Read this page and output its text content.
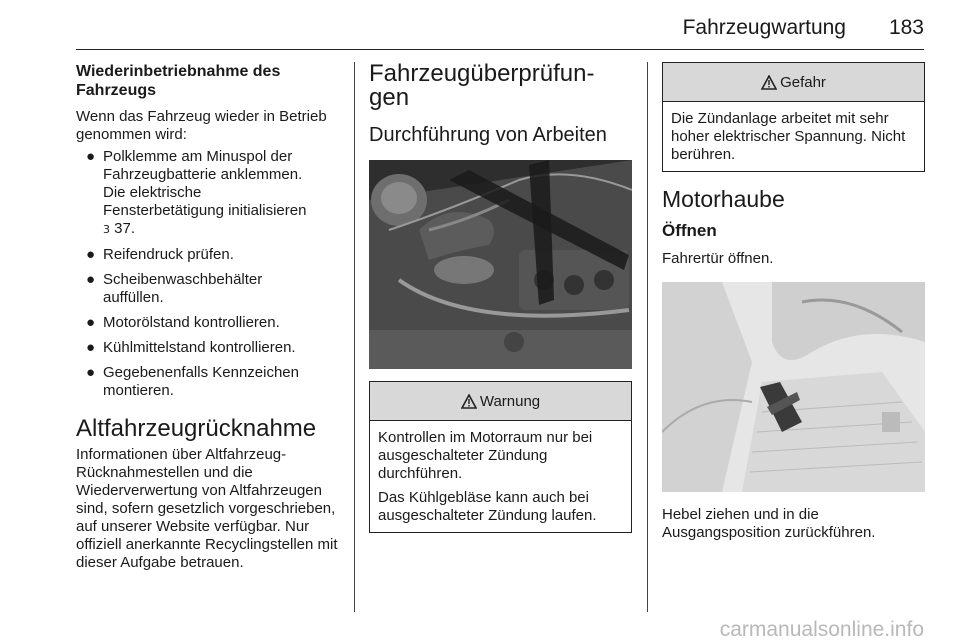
Fahrzeugwartung 183

Wiederinbetriebnahme des Fahrzeugs

Wenn das Fahrzeug wieder in Betrieb genommen wird:

● Polklemme am Minuspol der Fahrzeugbatterie anklemmen. Die elektrische Fensterbetätigung initialisieren 3 37.
● Reifendruck prüfen.
● Scheibenwaschbehälter auffüllen.
● Motorölstand kontrollieren.
● Kühlmittelstand kontrollieren.
● Gegebenenfalls Kennzeichen montieren.

Altfahrzeugrücknahme

Informationen über Altfahrzeug-Rücknahmestellen und die Wiederverwertung von Altfahrzeugen sind, sofern gesetzlich vorgeschrieben, auf unserer Website verfügbar. Nur offiziell anerkannte Recyclingstellen mit dieser Aufgabe betrauen.

Fahrzeugüberprüfun-
gen

Durchführung von Arbeiten

Warnung

Kontrollen im Motorraum nur bei ausgeschalteter Zündung durchführen.

Das Kühlgebläse kann auch bei ausgeschalteter Zündung laufen.

Gefahr

Die Zündanlage arbeitet mit sehr hoher elektrischer Spannung. Nicht berühren.

Motorhaube

Öffnen

Fahrertür öffnen.

Hebel ziehen und in die Ausgangsposition zurückführen.

carmanualsonline.info
